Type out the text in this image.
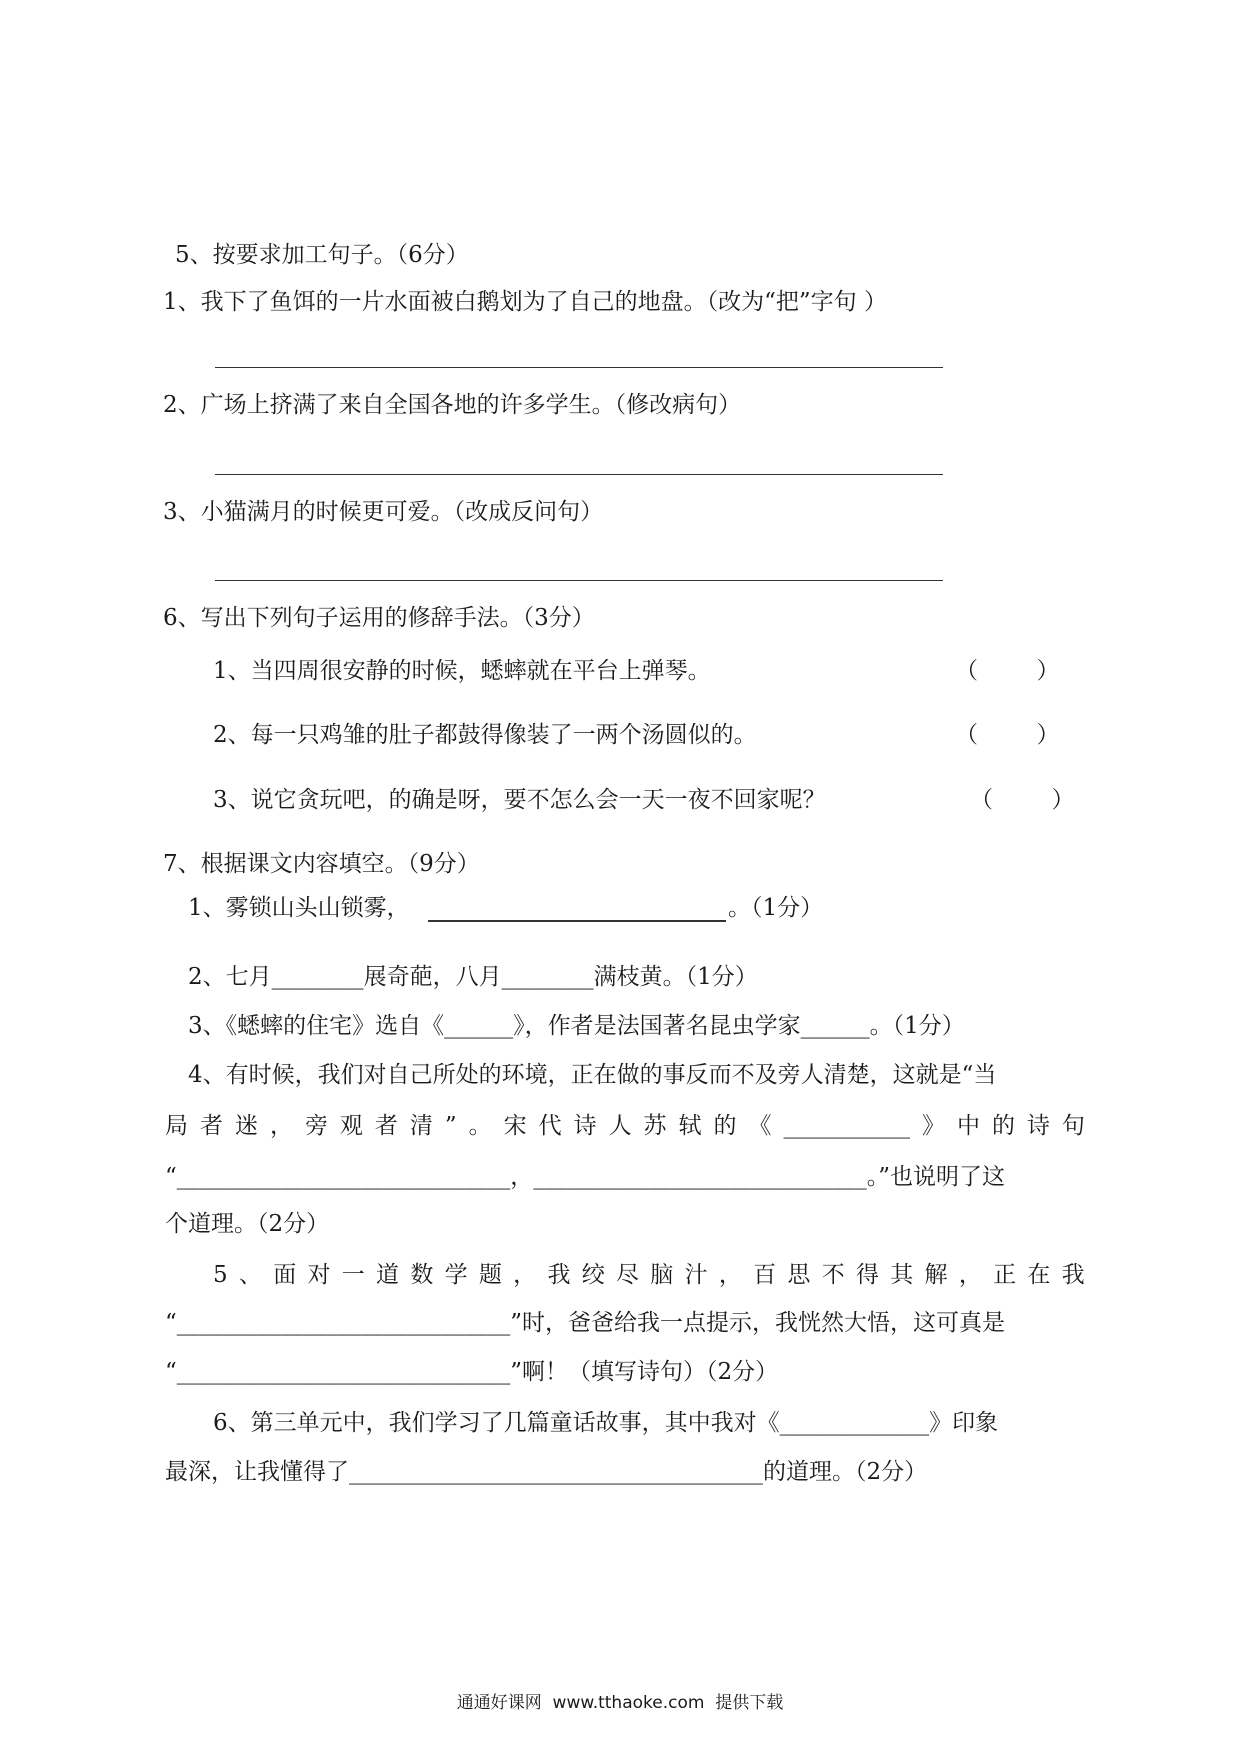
5、按要求加工句子。（6分）
1、我下了鱼饵的一片水面被白鹅划为了自己的地盘。（改为“把”字句 ）
2、广场上挤满了来自全国各地的许多学生。（修改病句）
3、小猫满月的时候更可爱。（改成反问句）
6、写出下列句子运用的修辞手法。（3分）
1、当四周很安静的时候，蟋蟀就在平台上弹琴。	（        ）
2、每一只鸡雏的肚子都鼓得像装了一两个汤圆似的。	（        ）
3、说它贪玩吧，的确是呀，要不怎么会一天一夜不回家呢？	（        ）
7、根据课文内容填空。（9分）
1、雾锁山头山锁雾，	。（1分）
2、七月________展奇葩，八月________满枝黄。（1分）
3、《蟋蟀的住宅》选自《______》，作者是法国著名昆虫学家______。（1分）
4、有时候，我们对自己所处的环境，正在做的事反而不及旁人清楚，这就是“当
局 者 迷 ， 旁 观 者 清 ” 。 宋 代 诗 人 苏 轼 的 《 ___________ 》 中 的 诗 句
“_____________________________，_____________________________。”也说明了这
个道理。（2分）
5 、 面 对 一 道 数 学 题 ， 我 绞 尽 脑 汁 ， 百 思 不 得 其 解 ， 正 在 我
“_____________________________”时，爸爸给我一点提示，我恍然大悟，这可真是
“_____________________________”啊！（填写诗句）（2分）
6、第三单元中，我们学习了几篇童话故事，其中我对《_____________》印象
最深，让我懂得了____________________________________的道理。（2分）
通通好课网  www.tthaoke.com  提供下载
